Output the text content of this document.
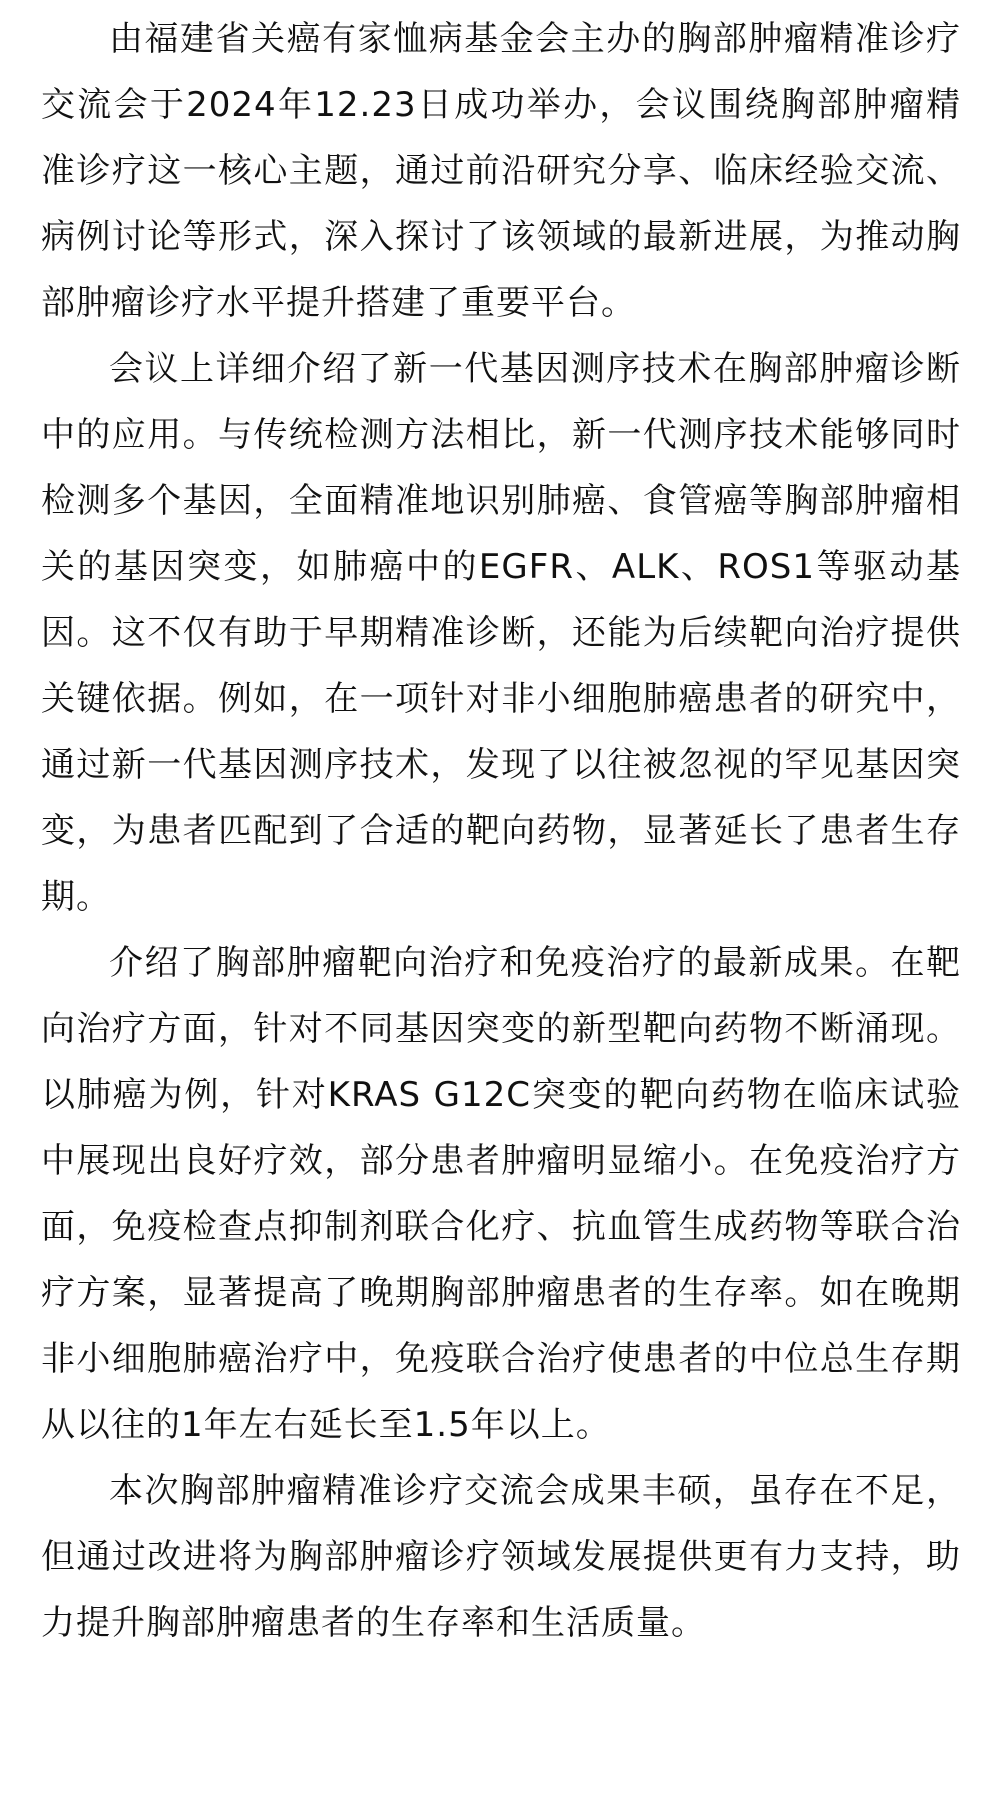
由福建省关癌有家恤病基金会主办的胸部肿瘤精准诊疗交流会于2024年12.23日成功举办，会议围绕胸部肿瘤精准诊疗这一核心主题，通过前沿研究分享、临床经验交流、病例讨论等形式，深入探讨了该领域的最新进展，为推动胸部肿瘤诊疗水平提升搭建了重要平台。

会议上详细介绍了新一代基因测序技术在胸部肿瘤诊断中的应用。与传统检测方法相比，新一代测序技术能够同时检测多个基因，全面精准地识别肺癌、食管癌等胸部肿瘤相关的基因突变，如肺癌中的EGFR、ALK、ROS1等驱动基因。这不仅有助于早期精准诊断，还能为后续靶向治疗提供关键依据。例如，在一项针对非小细胞肺癌患者的研究中，通过新一代基因测序技术，发现了以往被忽视的罕见基因突变，为患者匹配到了合适的靶向药物，显著延长了患者生存期。

介绍了胸部肿瘤靶向治疗和免疫治疗的最新成果。在靶向治疗方面，针对不同基因突变的新型靶向药物不断涌现。以肺癌为例，针对KRAS G12C突变的靶向药物在临床试验中展现出良好疗效，部分患者肿瘤明显缩小。在免疫治疗方面，免疫检查点抑制剂联合化疗、抗血管生成药物等联合治疗方案，显著提高了晚期胸部肿瘤患者的生存率。如在晚期非小细胞肺癌治疗中，免疫联合治疗使患者的中位总生存期从以往的1年左右延长至1.5年以上。

本次胸部肿瘤精准诊疗交流会成果丰硕，虽存在不足，但通过改进将为胸部肿瘤诊疗领域发展提供更有力支持，助力提升胸部肿瘤患者的生存率和生活质量。
